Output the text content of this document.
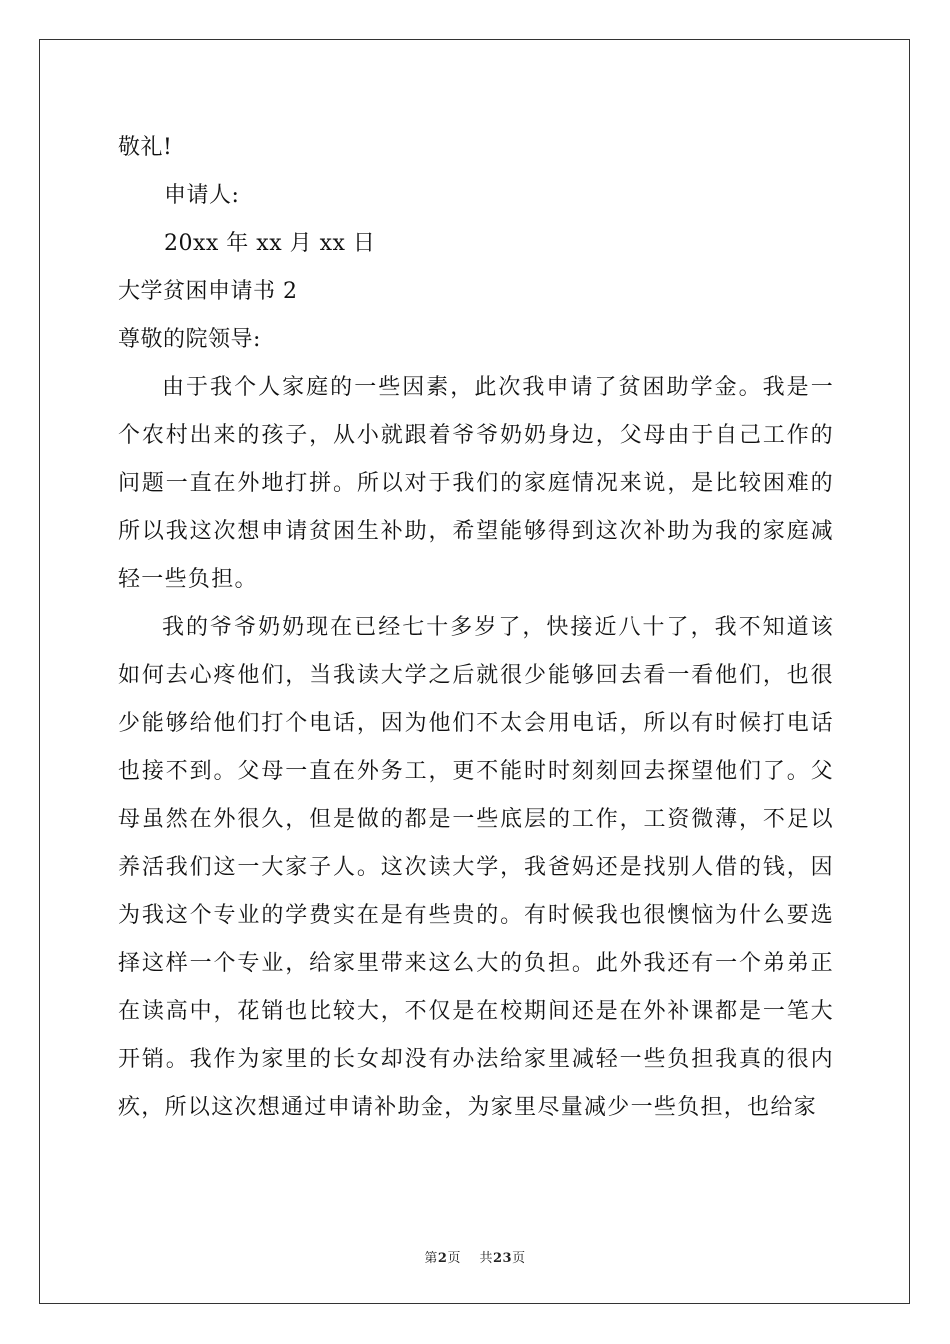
敬礼!
申请人:
20xx 年 xx 月 xx 日
大学贫困申请书 2
尊敬的院领导:

由于我个人家庭的一些因素，此次我申请了贫困助学金。我是一个农村出来的孩子，从小就跟着爷爷奶奶身边，父母由于自己工作的问题一直在外地打拼。所以对于我们的家庭情况来说，是比较困难的所以我这次想申请贫困生补助，希望能够得到这次补助为我的家庭减轻一些负担。

我的爷爷奶奶现在已经七十多岁了，快接近八十了，我不知道该如何去心疼他们，当我读大学之后就很少能够回去看一看他们，也很少能够给他们打个电话，因为他们不太会用电话，所以有时候打电话也接不到。父母一直在外务工，更不能时时刻刻回去探望他们了。父母虽然在外很久，但是做的都是一些底层的工作，工资微薄，不足以养活我们这一大家子人。这次读大学，我爸妈还是找别人借的钱，因为我这个专业的学费实在是有些贵的。有时候我也很懊恼为什么要选择这样一个专业，给家里带来这么大的负担。此外我还有一个弟弟正在读高中，花销也比较大，不仅是在校期间还是在外补课都是一笔大开销。我作为家里的长女却没有办法给家里减轻一些负担我真的很内疚，所以这次想通过申请补助金，为家里尽量减少一些负担，也给家

第2页 共23页
